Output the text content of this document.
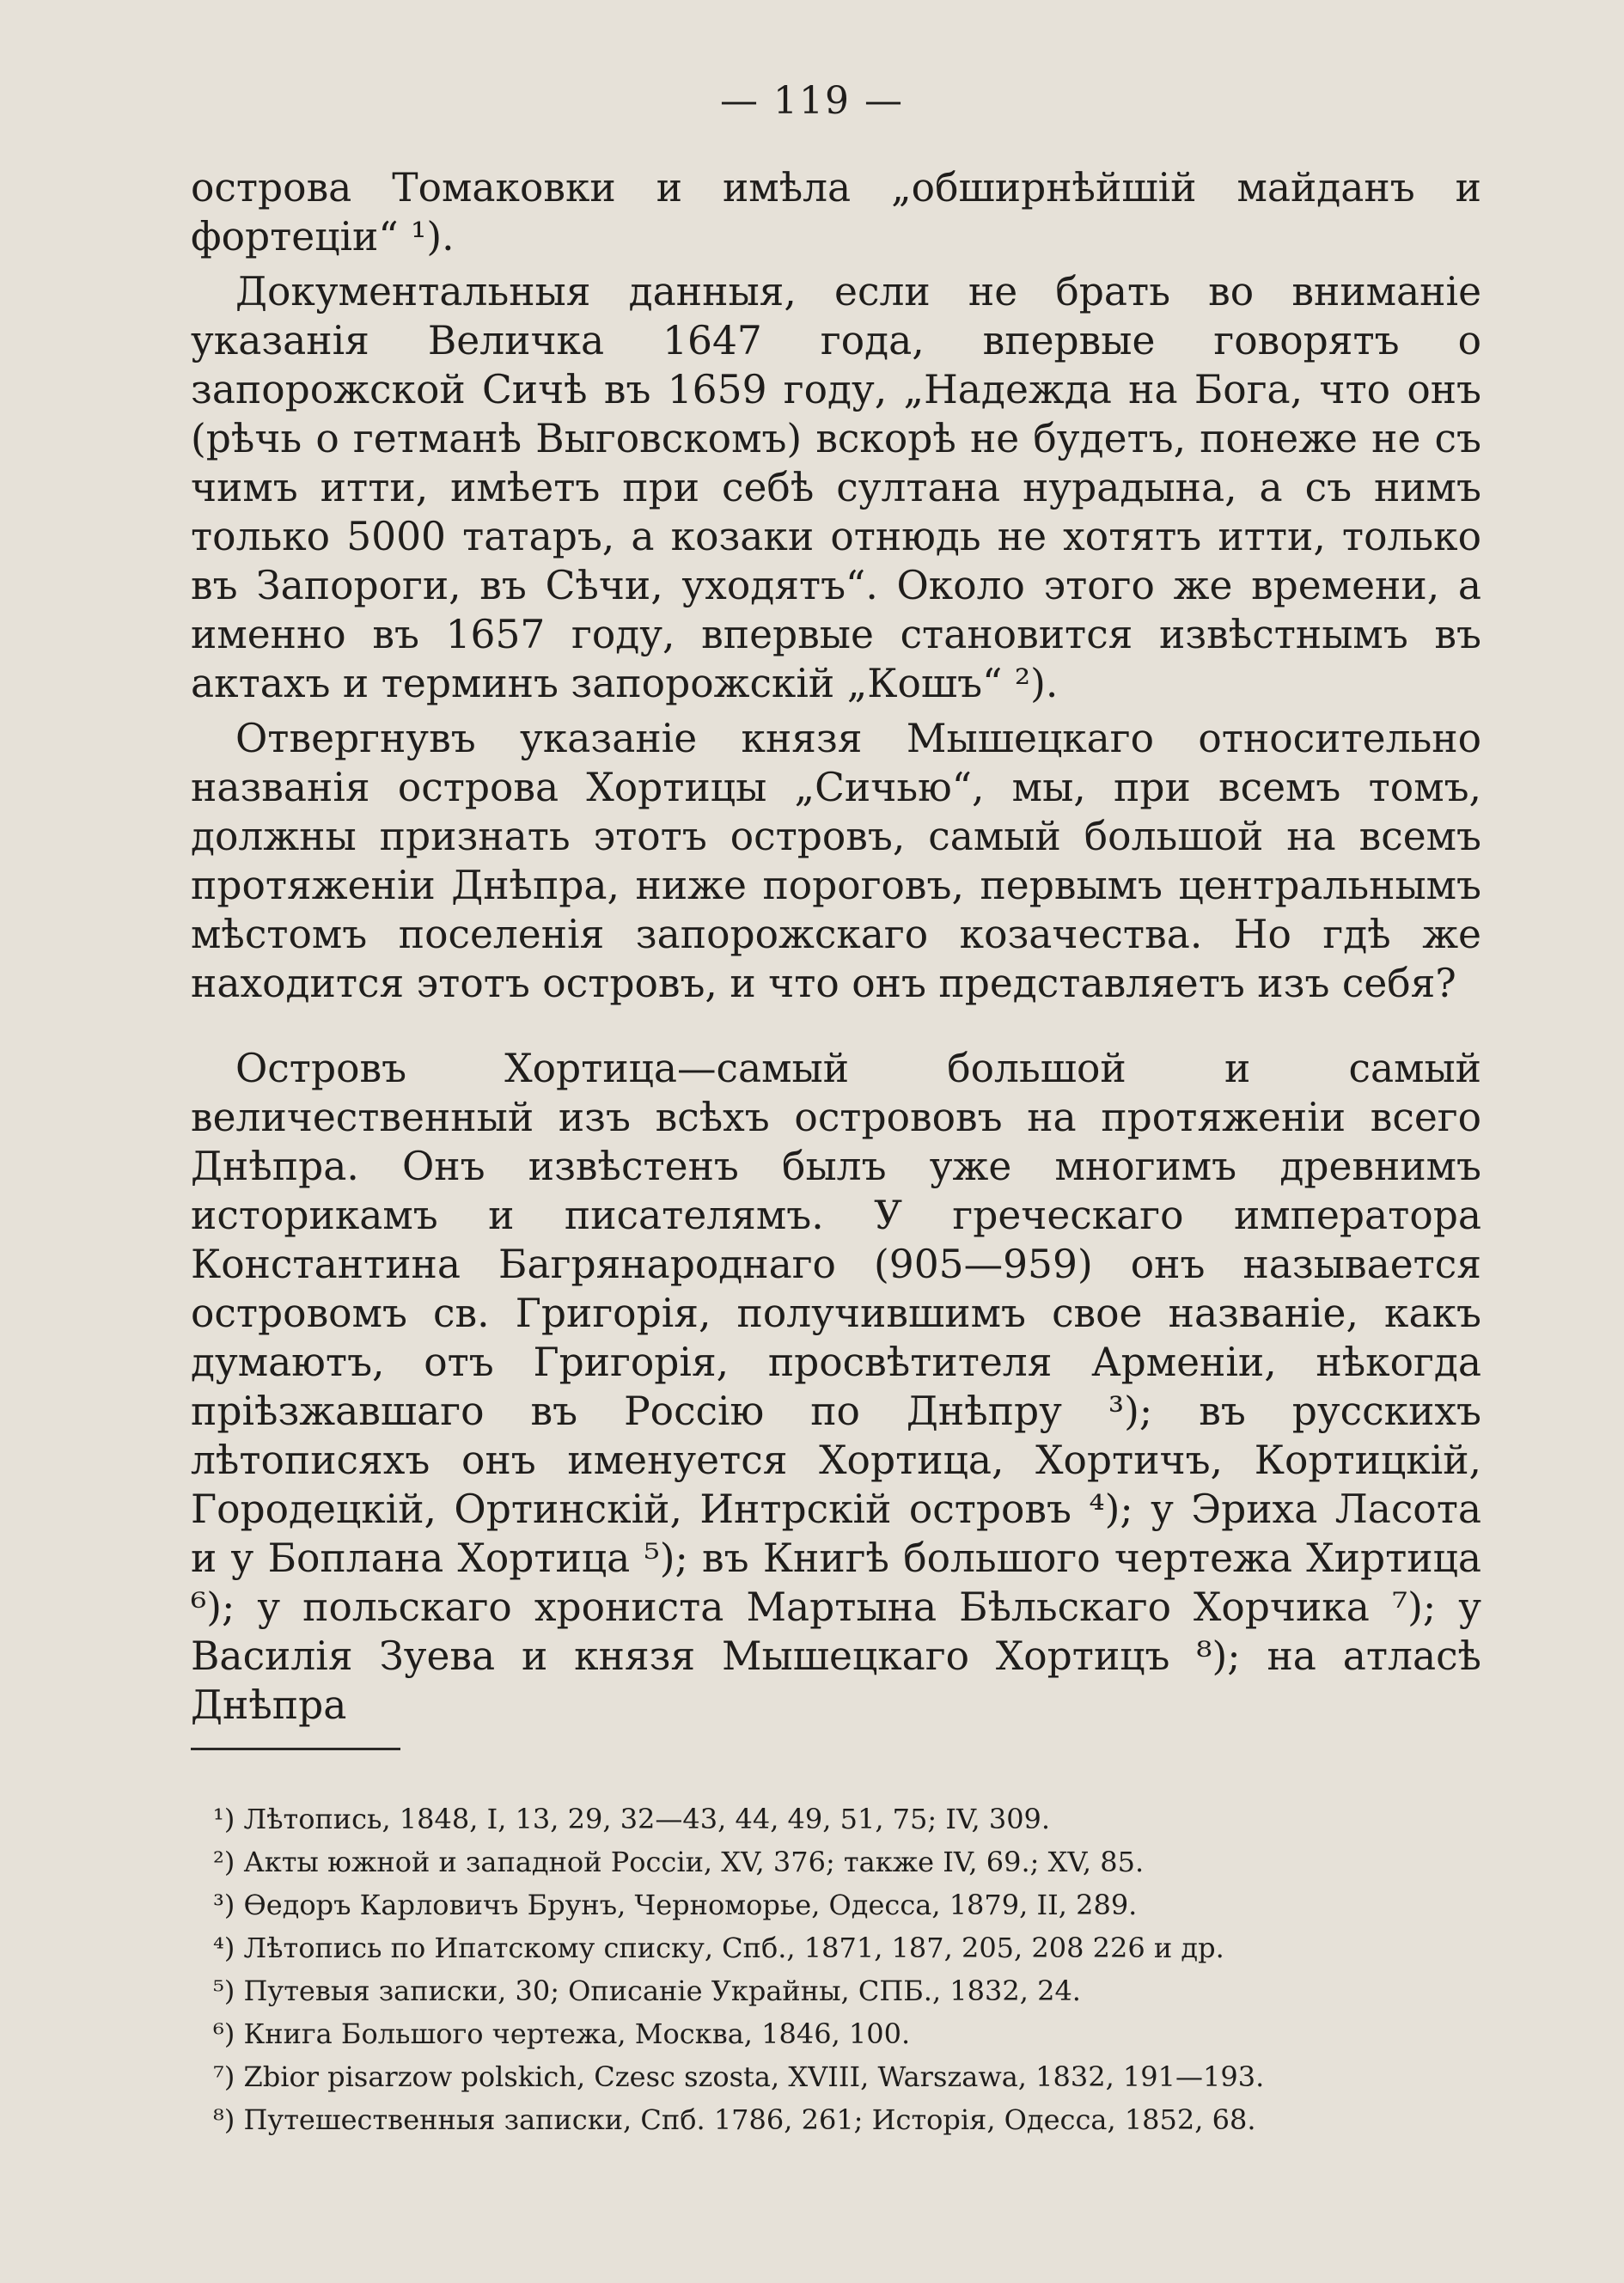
— 119 —

острова Томаковки и имѣла „обширнѣйшій майданъ и фортеціи“ ¹).

Документальныя данныя, если не брать во вниманіе указанія Величка 1647 года, впервые говорятъ о запорожской Сичѣ въ 1659 году, „Надежда на Бога, что онъ (рѣчь о гетманѣ Выговскомъ) вскорѣ не будетъ, понеже не съ чимъ итти, имѣетъ при себѣ султана нурадына, а съ нимъ только 5000 татаръ, а козаки отнюдь не хотятъ итти, только въ Запороги, въ Сѣчи, уходятъ“. Около этого же времени, а именно въ 1657 году, впервые становится извѣстнымъ въ актахъ и терминъ запорожскій „Кошъ“ ²).

Отвергнувъ указаніе князя Мышецкаго относительно названія острова Хортицы „Сичью“, мы, при всемъ томъ, должны признать этотъ островъ, самый большой на всемъ протяженіи Днѣпра, ниже пороговъ, первымъ центральнымъ мѣстомъ поселенія запорожскаго козачества. Но гдѣ же находится этотъ островъ, и что онъ представляетъ изъ себя?

Островъ Хортица—самый большой и самый величественный изъ всѣхъ острововъ на протяженіи всего Днѣпра. Онъ извѣстенъ былъ уже многимъ древнимъ историкамъ и писателямъ. У греческаго императора Константина Багрянароднаго (905—959) онъ называется островомъ св. Григорія, получившимъ свое названіе, какъ думаютъ, отъ Григорія, просвѣтителя Арменіи, нѣкогда пріѣзжавшаго въ Россію по Днѣпру ³); въ русскихъ лѣтописяхъ онъ именуется Хортица, Хортичъ, Кортицкій, Городецкій, Ортинскій, Интрскій островъ ⁴); у Эриха Ласота и у Боплана Хортица ⁵); въ Книгѣ большого чертежа Хиртица ⁶); у польскаго хрониста Мартына Бѣльскаго Хорчика ⁷); у Василія Зуева и князя Мышецкаго Хортицъ ⁸); на атласѣ Днѣпра

¹) Лѣтопись, 1848, I, 13, 29, 32—43, 44, 49, 51, 75; IV, 309.

²) Акты южной и западной Россіи, XV, 376; также IV, 69.; XV, 85.

³) Ѳедоръ Карловичъ Брунъ, Черноморье, Одесса, 1879, II, 289.

⁴) Лѣтопись по Ипатскому списку, Спб., 1871, 187, 205, 208 226 и др.

⁵) Путевыя записки, 30; Описаніе Украйны, СПБ., 1832, 24.

⁶) Книга Большого чертежа, Москва, 1846, 100.

⁷) Zbior pisarzow polskich, Czesc szosta, XVIII, Warszawa, 1832, 191—193.

⁸) Путешественныя записки, Спб. 1786, 261; Исторія, Одесса, 1852, 68.
